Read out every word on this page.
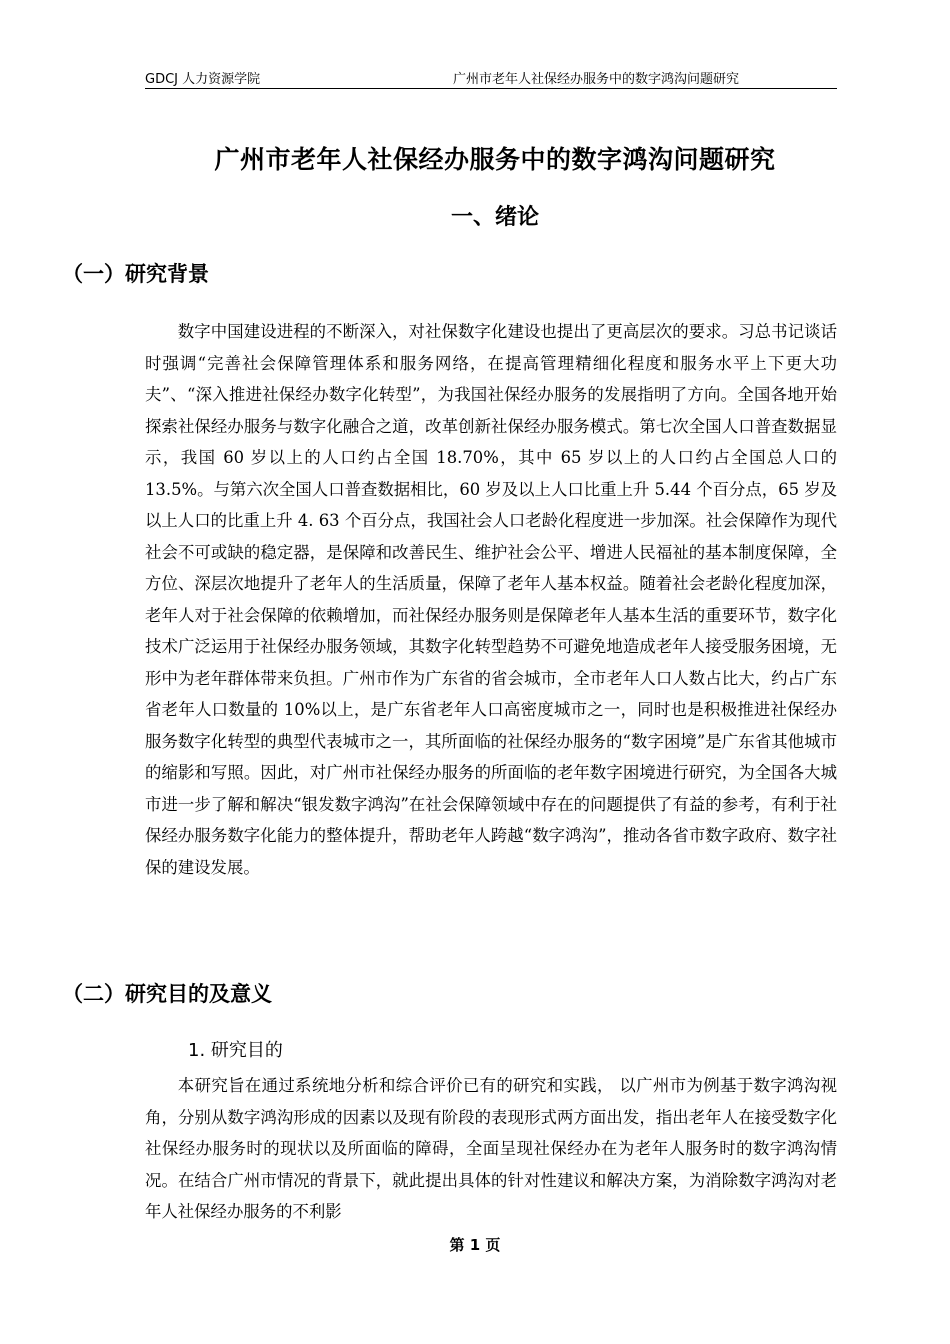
GDCJ 人力资源学院	广州市老年人社保经办服务中的数字鸿沟问题研究
广州市老年人社保经办服务中的数字鸿沟问题研究
一、绪论
（一）研究背景

数字中国建设进程的不断深入，对社保数字化建设也提出了更高层次的要求。习总书记谈话时强调“完善社会保障管理体系和服务网络，在提高管理精细化程度和服务水平上下更大功夫”、“深入推进社保经办数字化转型”，为我国社保经办服务的发展指明了方向。全国各地开始探索社保经办服务与数字化融合之道，改革创新社保经办服务模式。第七次全国人口普查数据显示，我国 60 岁以上的人口约占全国 18.70%，其中 65 岁以上的人口约占全国总人口的 13.5%。与第六次全国人口普查数据相比，60 岁及以上人口比重上升 5.44 个百分点，65 岁及以上人口的比重上升 4. 63 个百分点，我国社会人口老龄化程度进一步加深。社会保障作为现代社会不可或缺的稳定器，是保障和改善民生、维护社会公平、增进人民福祉的基本制度保障，全方位、深层次地提升了老年人的生活质量，保障了老年人基本权益。随着社会老龄化程度加深，老年人对于社会保障的依赖增加，而社保经办服务则是保障老年人基本生活的重要环节，数字化技术广泛运用于社保经办服务领域，其数字化转型趋势不可避免地造成老年人接受服务困境，无形中为老年群体带来负担。广州市作为广东省的省会城市，全市老年人口人数占比大，约占广东省老年人口数量的 10%以上，是广东省老年人口高密度城市之一，同时也是积极推进社保经办服务数字化转型的典型代表城市之一，其所面临的社保经办服务的“数字困境”是广东省其他城市的缩影和写照。因此，对广州市社保经办服务的所面临的老年数字困境进行研究，为全国各大城市进一步了解和解决“银发数字鸿沟”在社会保障领域中存在的问题提供了有益的参考，有利于社保经办服务数字化能力的整体提升，帮助老年人跨越“数字鸿沟”，推动各省市数字政府、数字社保的建设发展。

（二）研究目的及意义
1. 研究目的

本研究旨在通过系统地分析和综合评价已有的研究和实践， 以广州市为例基于数字鸿沟视角，分别从数字鸿沟形成的因素以及现有阶段的表现形式两方面出发，指出老年人在接受数字化社保经办服务时的现状以及所面临的障碍，全面呈现社保经办在为老年人服务时的数字鸿沟情况。在结合广州市情况的背景下，就此提出具体的针对性建议和解决方案，为消除数字鸿沟对老年人社保经办服务的不利影

第 1 页
